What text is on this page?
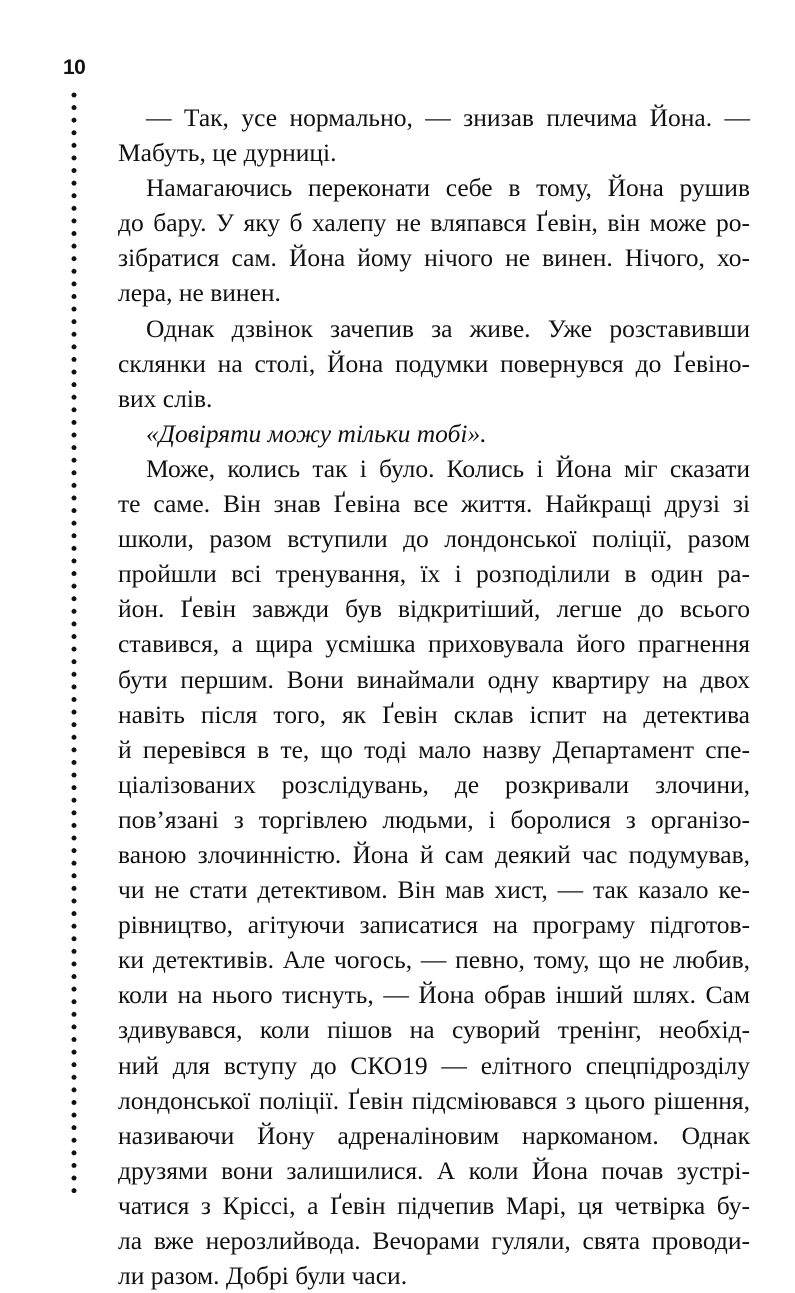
10
— Так, усе нормально, — знизав плечима Йона. —
Мабуть, це дурниці.
Намагаючись переконати себе в тому, Йона рушив
до бару. У яку б халепу не вляпався Ґевін, він може ро-
зібратися сам. Йона йому нічого не винен. Нічого, хо-
лера, не винен.
Однак дзвінок зачепив за живе. Уже розставивши
склянки на столі, Йона подумки повернувся до Ґевіно-
вих слів.
«Довіряти можу тільки тобі».
Може, колись так і було. Колись і Йона міг сказати
те саме. Він знав Ґевіна все життя. Найкращі друзі зі
школи, разом вступили до лондонської поліції, разом
пройшли всі тренування, їх і розподілили в один ра-
йон. Ґевін завжди був відкритіший, легше до всього
ставився, а щира усмішка приховувала його прагнення
бути першим. Вони винаймали одну квартиру на двох
навіть після того, як Ґевін склав іспит на детектива
й перевівся в те, що тоді мало назву Департамент спе-
ціалізованих розслідувань, де розкривали злочини,
пов’язані з торгівлею людьми, і боролися з організо-
ваною злочинністю. Йона й сам деякий час подумував,
чи не стати детективом. Він мав хист, — так казало ке-
рівництво, агітуючи записатися на програму підготов-
ки детективів. Але чогось, — певно, тому, що не любив,
коли на нього тиснуть, — Йона обрав інший шлях. Сам
здивувався, коли пішов на суворий тренінг, необхід-
ний для вступу до СКО19 — елітного спецпідрозділу
лондонської поліції. Ґевін підсміювався з цього рішення,
називаючи Йону адреналіновим наркоманом. Однак
друзями вони залишилися. А коли Йона почав зустрі-
чатися з Кріссі, а Ґевін підчепив Марі, ця четвірка бу-
ла вже нерозлийвода. Вечорами гуляли, свята проводи-
ли разом. Добрі були часи.
